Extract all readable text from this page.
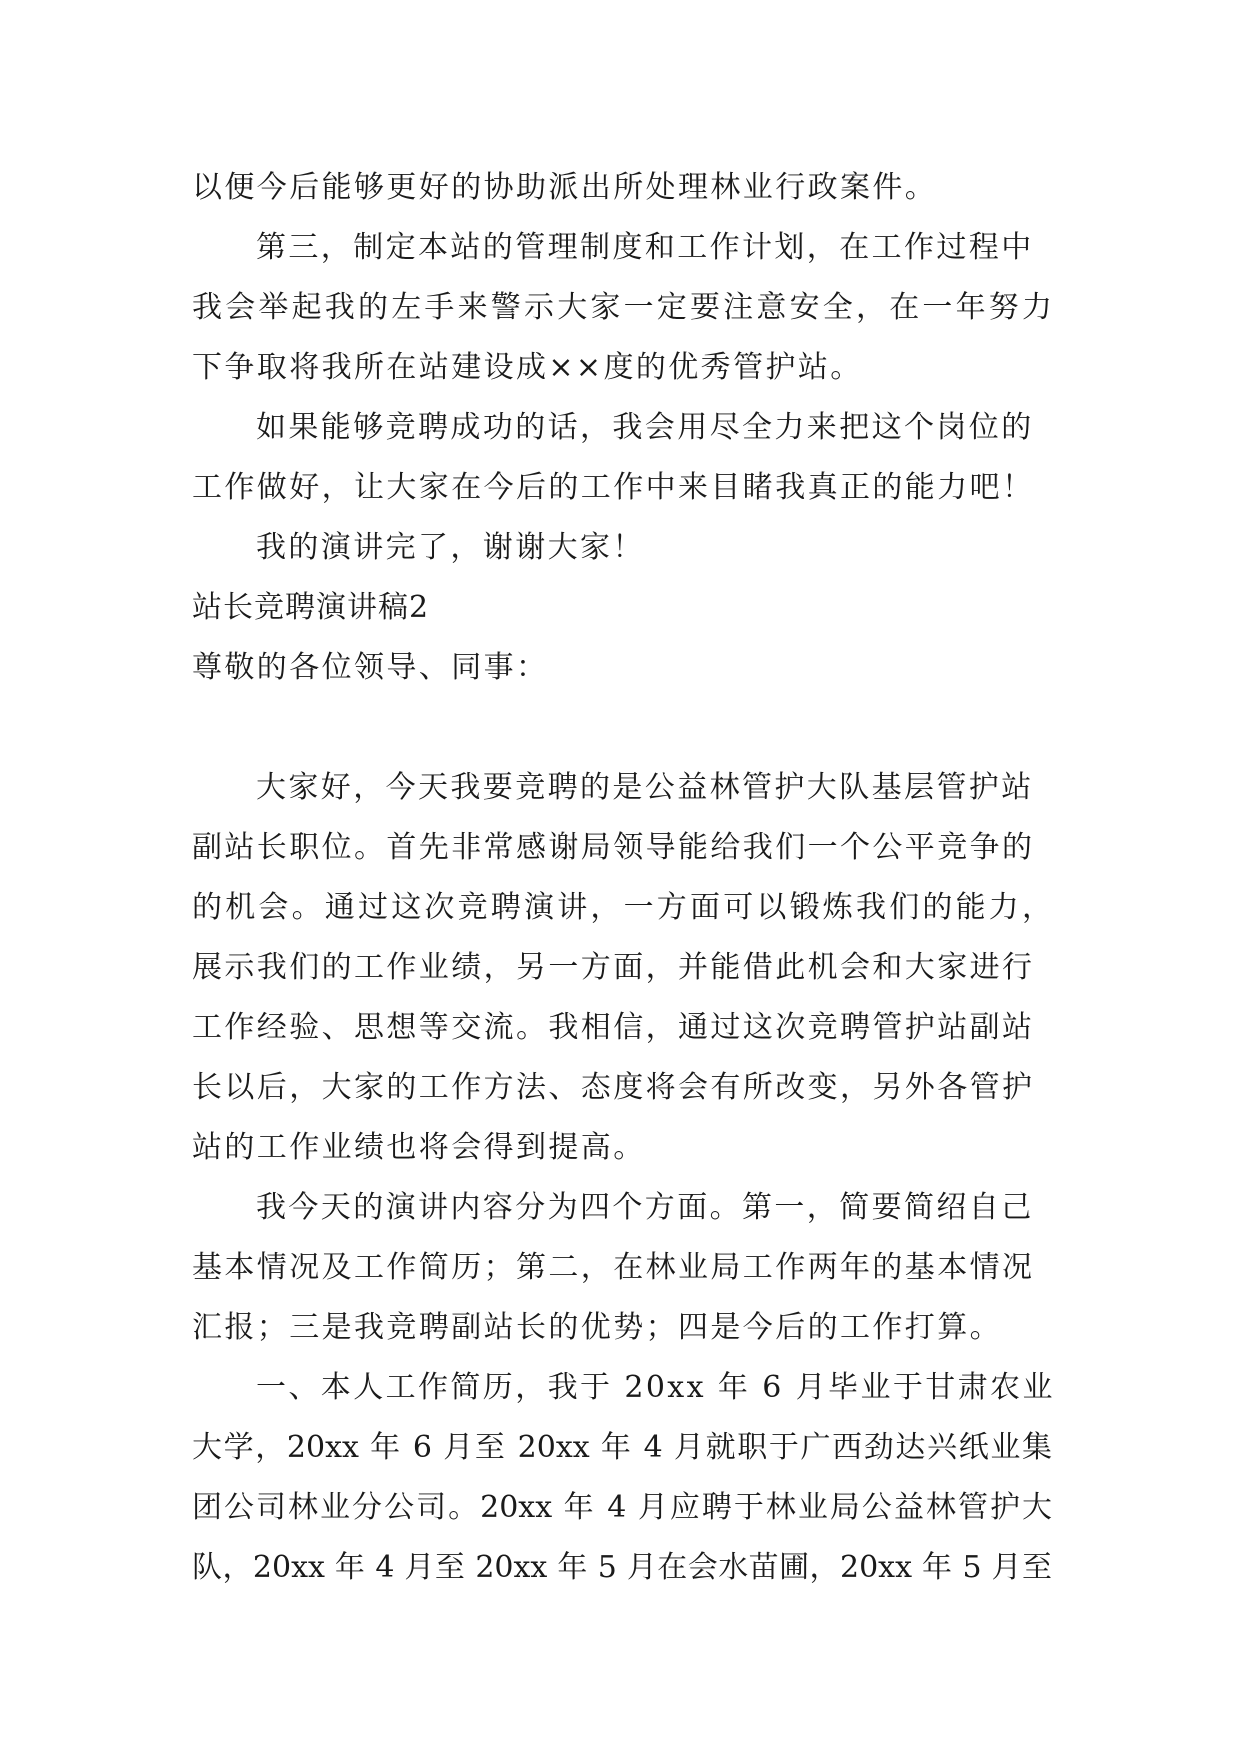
以便今后能够更好的协助派出所处理林业行政案件。
第三，制定本站的管理制度和工作计划，在工作过程中
我会举起我的左手来警示大家一定要注意安全，在一年努力
下争取将我所在站建设成××度的优秀管护站。
如果能够竞聘成功的话，我会用尽全力来把这个岗位的
工作做好，让大家在今后的工作中来目睹我真正的能力吧！
我的演讲完了，谢谢大家！
站长竞聘演讲稿2
尊敬的各位领导、同事：
大家好，今天我要竞聘的是公益林管护大队基层管护站
副站长职位。首先非常感谢局领导能给我们一个公平竞争的
的机会。通过这次竞聘演讲，一方面可以锻炼我们的能力，
展示我们的工作业绩，另一方面，并能借此机会和大家进行
工作经验、思想等交流。我相信，通过这次竞聘管护站副站
长以后，大家的工作方法、态度将会有所改变，另外各管护
站的工作业绩也将会得到提高。
我今天的演讲内容分为四个方面。第一，简要简绍自己
基本情况及工作简历；第二，在林业局工作两年的基本情况
汇报；三是我竞聘副站长的优势；四是今后的工作打算。
一、本人工作简历，我于 20xx 年 6 月毕业于甘肃农业
大学，20xx 年 6 月至 20xx 年 4 月就职于广西劲达兴纸业集
团公司林业分公司。20xx 年 4 月应聘于林业局公益林管护大
队，20xx 年 4 月至 20xx 年 5 月在会水苗圃，20xx 年 5 月至
